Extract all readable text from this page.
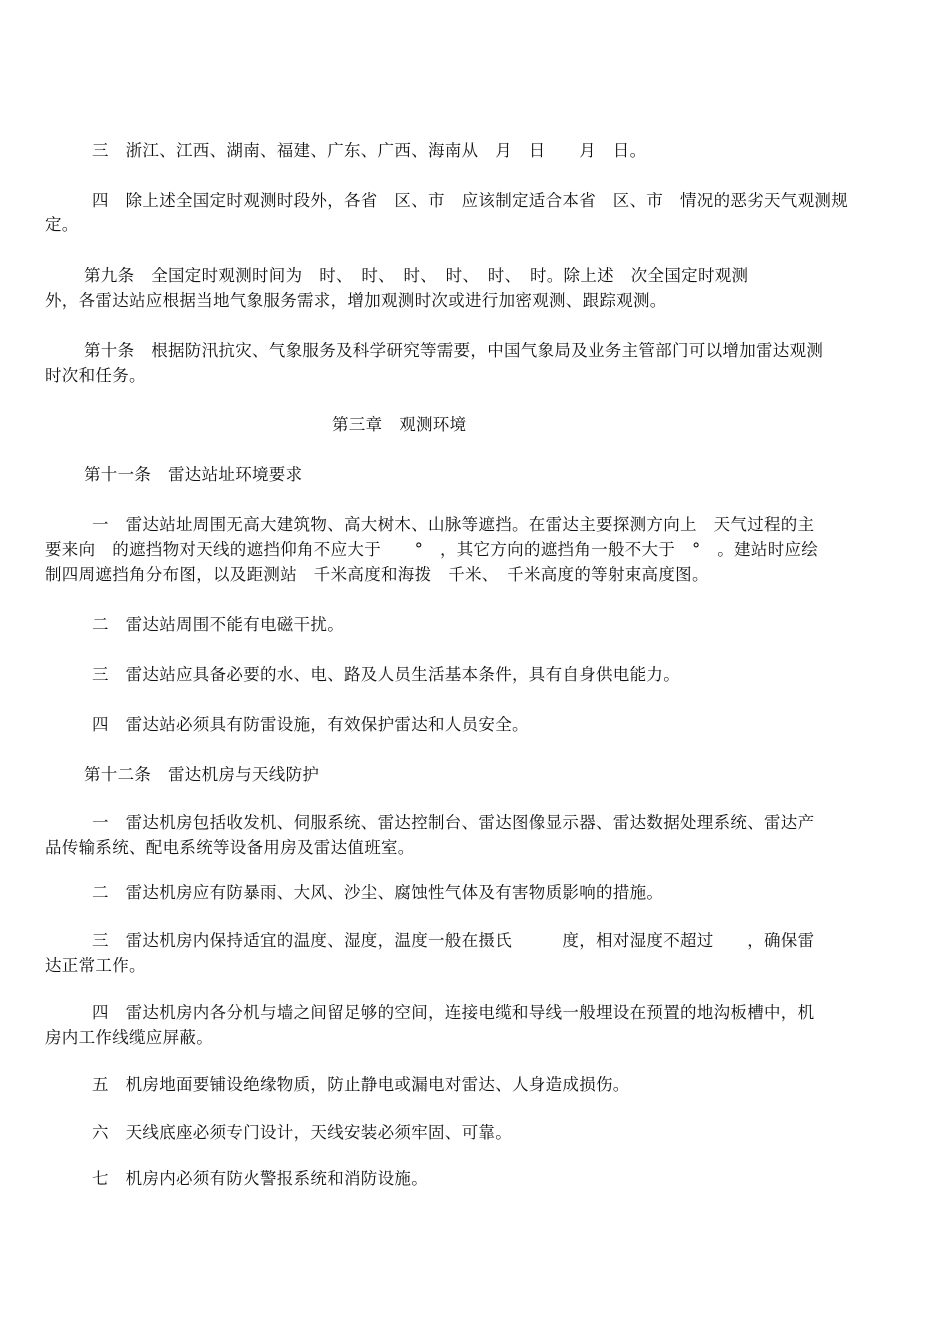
三　浙江、江西、湖南、福建、广东、广西、海南从　月　日　　月　日。
四　除上述全国定时观测时段外，各省　区、市　应该制定适合本省　区、市　情况的恶劣天气观测规
定。
第九条　全国定时观测时间为　时、　时、　时、　时、　时、　时。除上述　次全国定时观测
外，各雷达站应根据当地气象服务需求，增加观测时次或进行加密观测、跟踪观测。
第十条　根据防汛抗灾、气象服务及科学研究等需要，中国气象局及业务主管部门可以增加雷达观测
时次和任务。
第三章　观测环境
第十一条　雷达站址环境要求
一　雷达站址周围无高大建筑物、高大树木、山脉等遮挡。在雷达主要探测方向上　天气过程的主
要来向　的遮挡物对天线的遮挡仰角不应大于　　°　，其它方向的遮挡角一般不大于　°　。建站时应绘
制四周遮挡角分布图，以及距测站　千米高度和海拨　千米、　千米高度的等射束高度图。
二　雷达站周围不能有电磁干扰。
三　雷达站应具备必要的水、电、路及人员生活基本条件，具有自身供电能力。
四　雷达站必须具有防雷设施，有效保护雷达和人员安全。
第十二条　雷达机房与天线防护
一　雷达机房包括收发机、伺服系统、雷达控制台、雷达图像显示器、雷达数据处理系统、雷达产
品传输系统、配电系统等设备用房及雷达值班室。
二　雷达机房应有防暴雨、大风、沙尘、腐蚀性气体及有害物质影响的措施。
三　雷达机房内保持适宜的温度、湿度，温度一般在摄氏　　　度，相对湿度不超过　　，确保雷
达正常工作。
四　雷达机房内各分机与墙之间留足够的空间，连接电缆和导线一般埋设在预置的地沟板槽中，机
房内工作线缆应屏蔽。
五　机房地面要铺设绝缘物质，防止静电或漏电对雷达、人身造成损伤。
六　天线底座必须专门设计，天线安装必须牢固、可靠。
七　机房内必须有防火警报系统和消防设施。
